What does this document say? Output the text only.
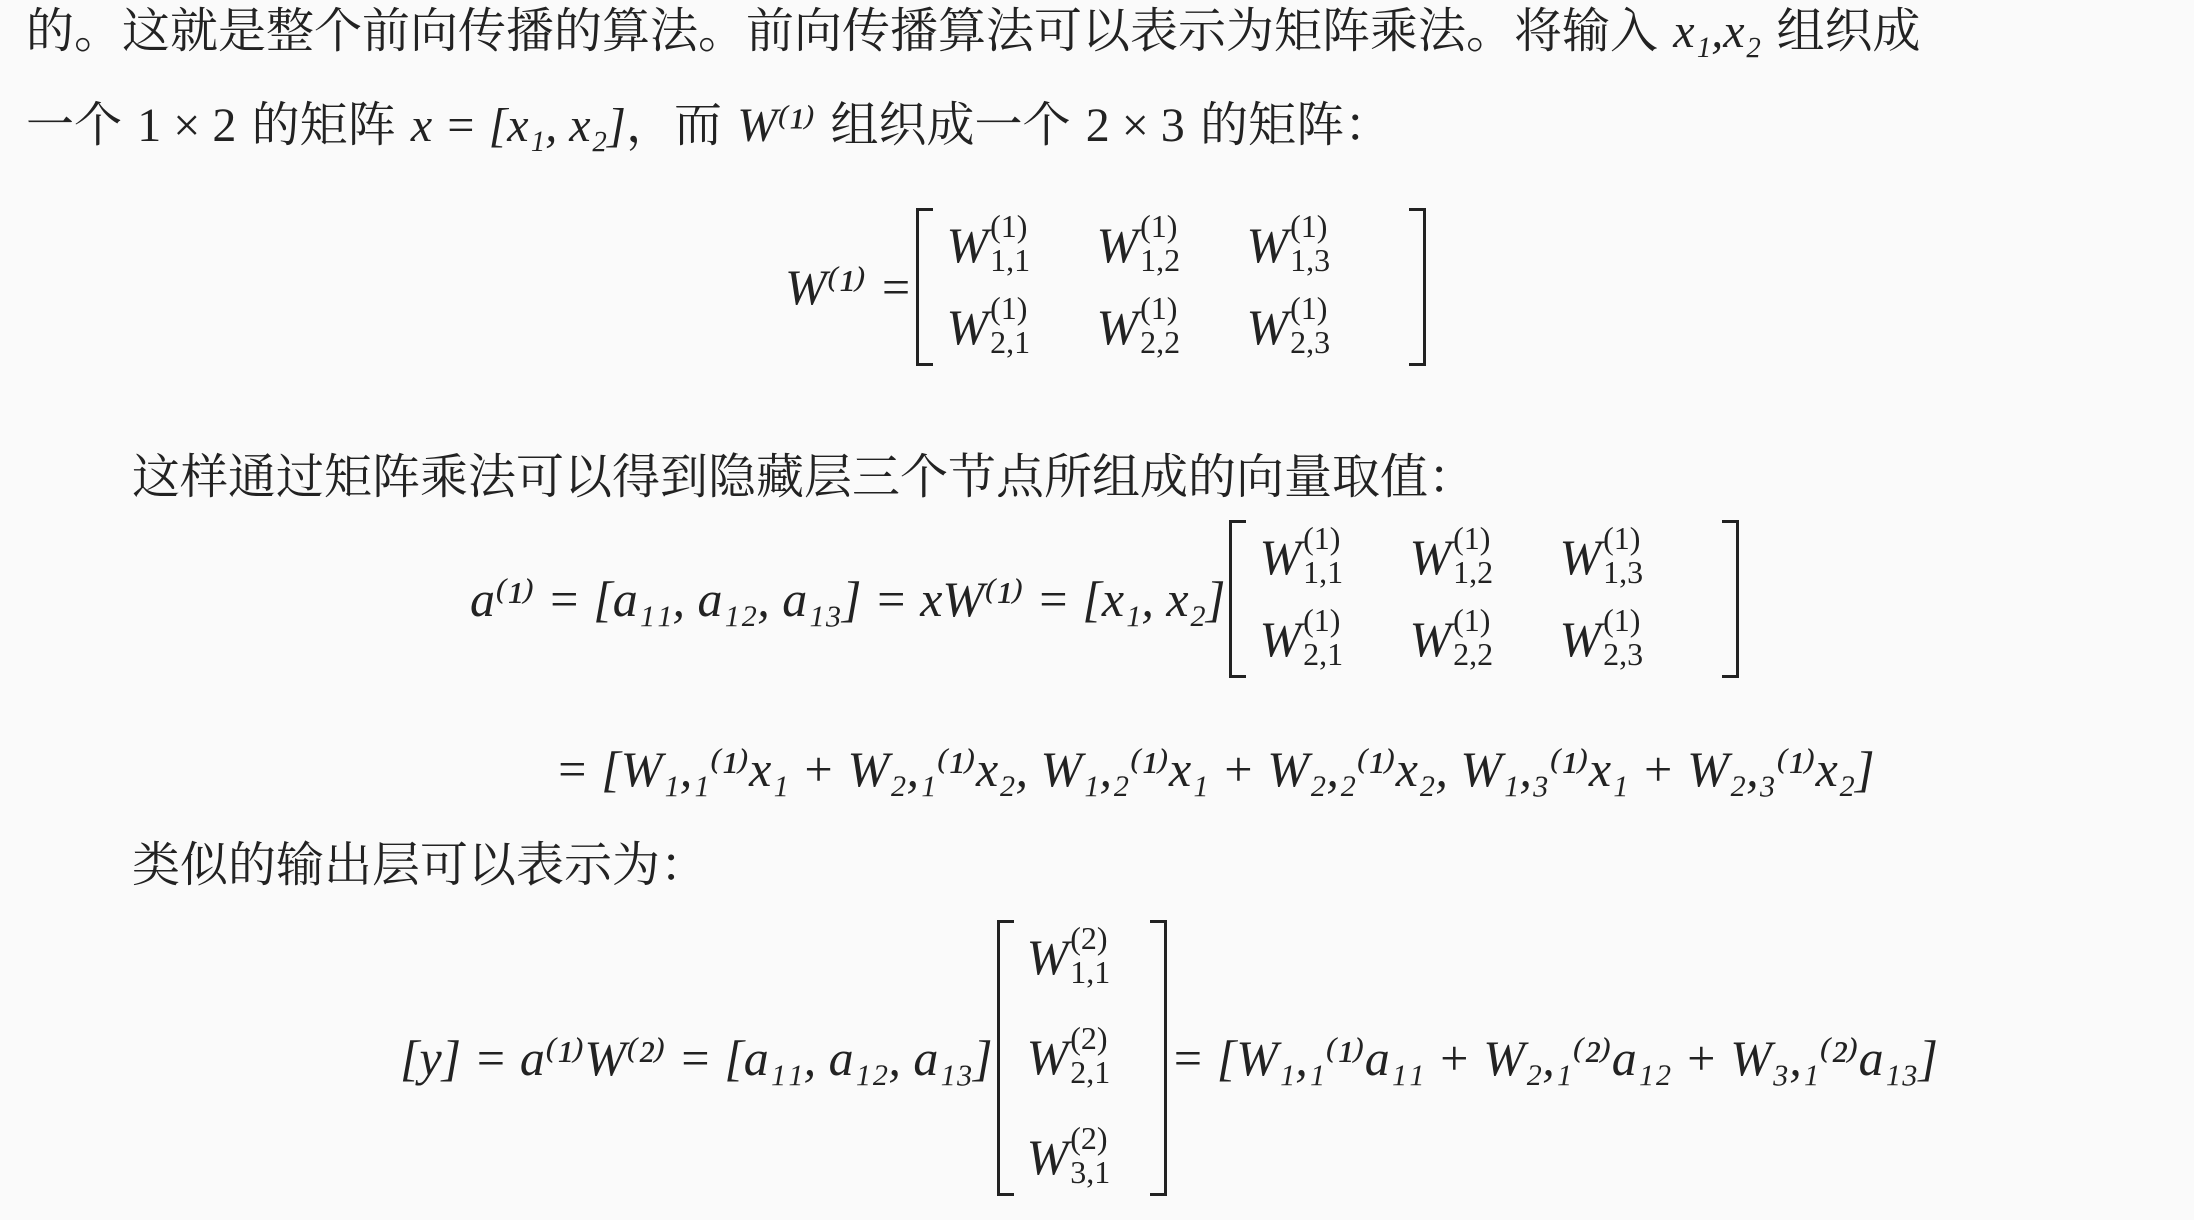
的。这就是整个前向传播的算法。前向传播算法可以表示为矩阵乘法。将输入 x₁,x₂ 组织成
一个 1 × 2 的矩阵 x = [x₁, x₂]，而 W⁽¹⁾ 组织成一个 2 × 3 的矩阵：
W⁽¹⁾ =
W (1)
1,1 W (1)
1,2 W (1)
1,3
W (1)
2,1 W (1)
2,2 W (1)
2,3
这样通过矩阵乘法可以得到隐藏层三个节点所组成的向量取值：
a⁽¹⁾ = [a₁₁, a₁₂, a₁₃] = xW⁽¹⁾ = [x₁, x₂]
W (1)
1,1 W (1)
1,2 W (1)
1,3
W (1)
2,1 W (1)
2,2 W (1)
2,3
= [W₁,₁⁽¹⁾x₁ + W₂,₁⁽¹⁾x₂, W₁,₂⁽¹⁾x₁ + W₂,₂⁽¹⁾x₂, W₁,₃⁽¹⁾x₁ + W₂,₃⁽¹⁾x₂]
类似的输出层可以表示为：
[y] = a⁽¹⁾W⁽²⁾ = [a₁₁, a₁₂, a₁₃]
W (2)
1,1
W (2)
2,1
W (2)
3,1
= [W₁,₁⁽¹⁾a₁₁ + W₂,₁⁽²⁾a₁₂ + W₃,₁⁽²⁾a₁₃]
